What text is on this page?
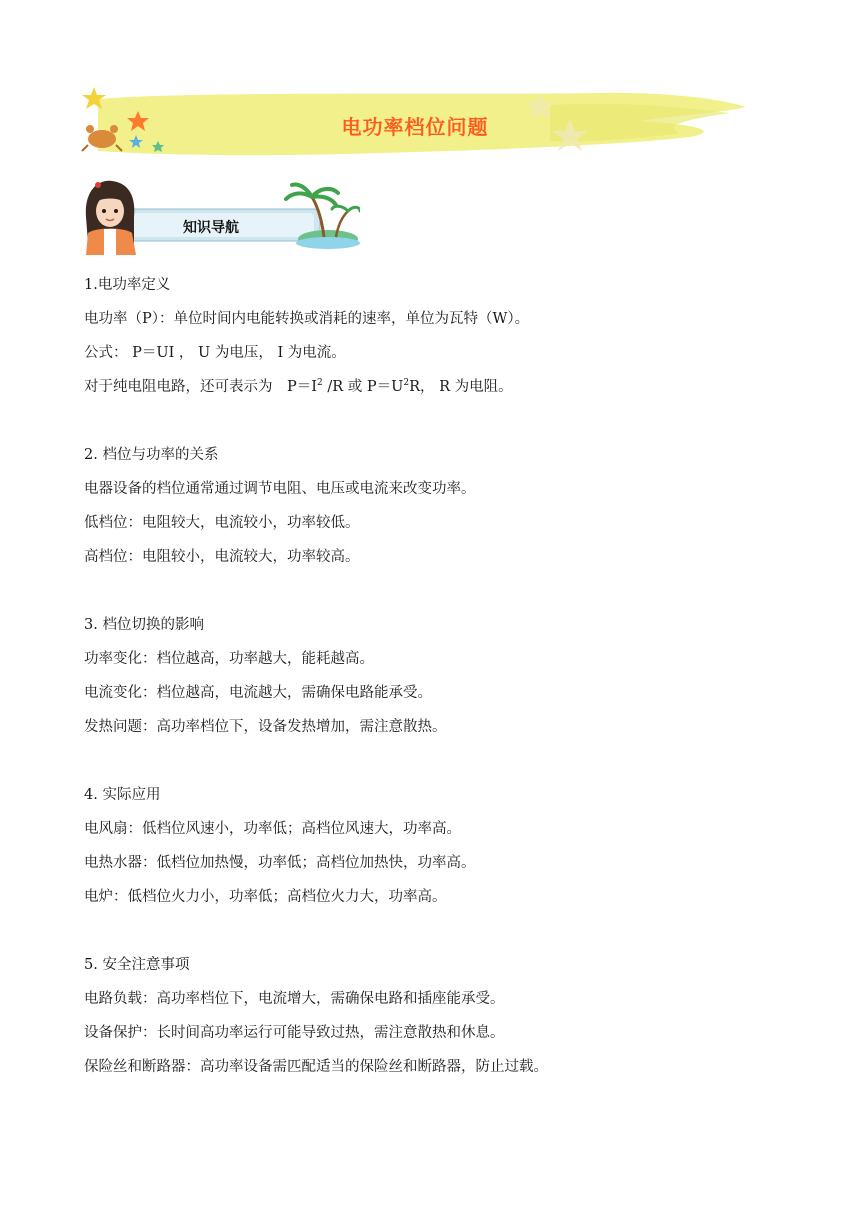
电功率档位问题
知识导航
1.电功率定义
电功率（P）：单位时间内电能转换或消耗的速率，单位为瓦特（W）。
公式： P＝UI ， U 为电压， I 为电流。
对于纯电阻电路，还可表示为　$P=I^2$ /R 或 $P=U^2R$， R 为电阻。
2. 档位与功率的关系
电器设备的档位通常通过调节电阻、电压或电流来改变功率。
低档位：电阻较大，电流较小，功率较低。
高档位：电阻较小，电流较大，功率较高。
3. 档位切换的影响
功率变化：档位越高，功率越大，能耗越高。
电流变化：档位越高，电流越大，需确保电路能承受。
发热问题：高功率档位下，设备发热增加，需注意散热。
4. 实际应用
电风扇：低档位风速小，功率低；高档位风速大，功率高。
电热水器：低档位加热慢，功率低；高档位加热快，功率高。
电炉：低档位火力小，功率低；高档位火力大，功率高。
5. 安全注意事项
电路负载：高功率档位下，电流增大，需确保电路和插座能承受。
设备保护：长时间高功率运行可能导致过热，需注意散热和休息。
保险丝和断路器：高功率设备需匹配适当的保险丝和断路器，防止过载。
